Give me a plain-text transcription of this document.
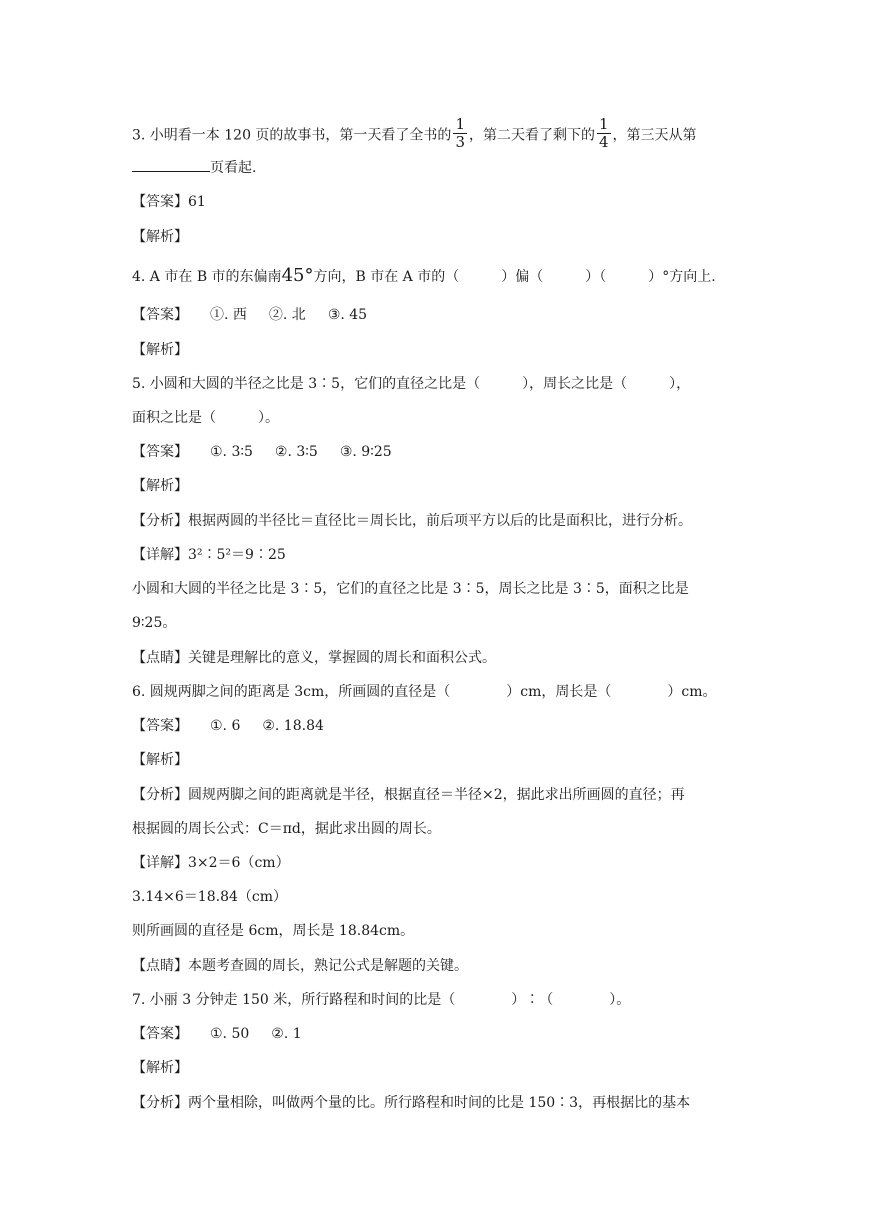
3. 小明看一本 120 页的故事书，第一天看了全书的 $\frac{1}{3}$ ，第二天看了剩下的 $\frac{1}{4}$ ，第三天从第
页看起.
【答案】61
【解析】
4. A 市在 B 市的东偏南45°方向，B 市在 A 市的（　　　）偏（　　　）（　　　）°方向上.
【答案】 ①. 西 ②. 北 ③. 45
【解析】
5. 小圆和大圆的半径之比是 3∶5，它们的直径之比是（　　　），周长之比是（　　　），
面积之比是（　　　）。
【答案】 ①. 3∶5 ②. 3∶5 ③. 9∶25
【解析】
【分析】根据两圆的半径比＝直径比＝周长比，前后项平方以后的比是面积比，进行分析。
【详解】3²∶5²＝9∶25
小圆和大圆的半径之比是 3∶5，它们的直径之比是 3∶5，周长之比是 3∶5，面积之比是
9∶25。
【点睛】关键是理解比的意义，掌握圆的周长和面积公式。
6. 圆规两脚之间的距离是 3cm，所画圆的直径是（　　　　）cm，周长是（　　　　）cm。
【答案】 ①. 6 ②. 18.84
【解析】
【分析】圆规两脚之间的距离就是半径，根据直径＝半径×2，据此求出所画圆的直径；再
根据圆的周长公式：C＝πd，据此求出圆的周长。
【详解】3×2＝6（cm）
3.14×6＝18.84（cm）
则所画圆的直径是 6cm，周长是 18.84cm。
【点睛】本题考查圆的周长，熟记公式是解题的关键。
7. 小丽 3 分钟走 150 米，所行路程和时间的比是（　　　　）∶（　　　　）。
【答案】 ①. 50 ②. 1
【解析】
【分析】两个量相除，叫做两个量的比。所行路程和时间的比是 150∶3，再根据比的基本
